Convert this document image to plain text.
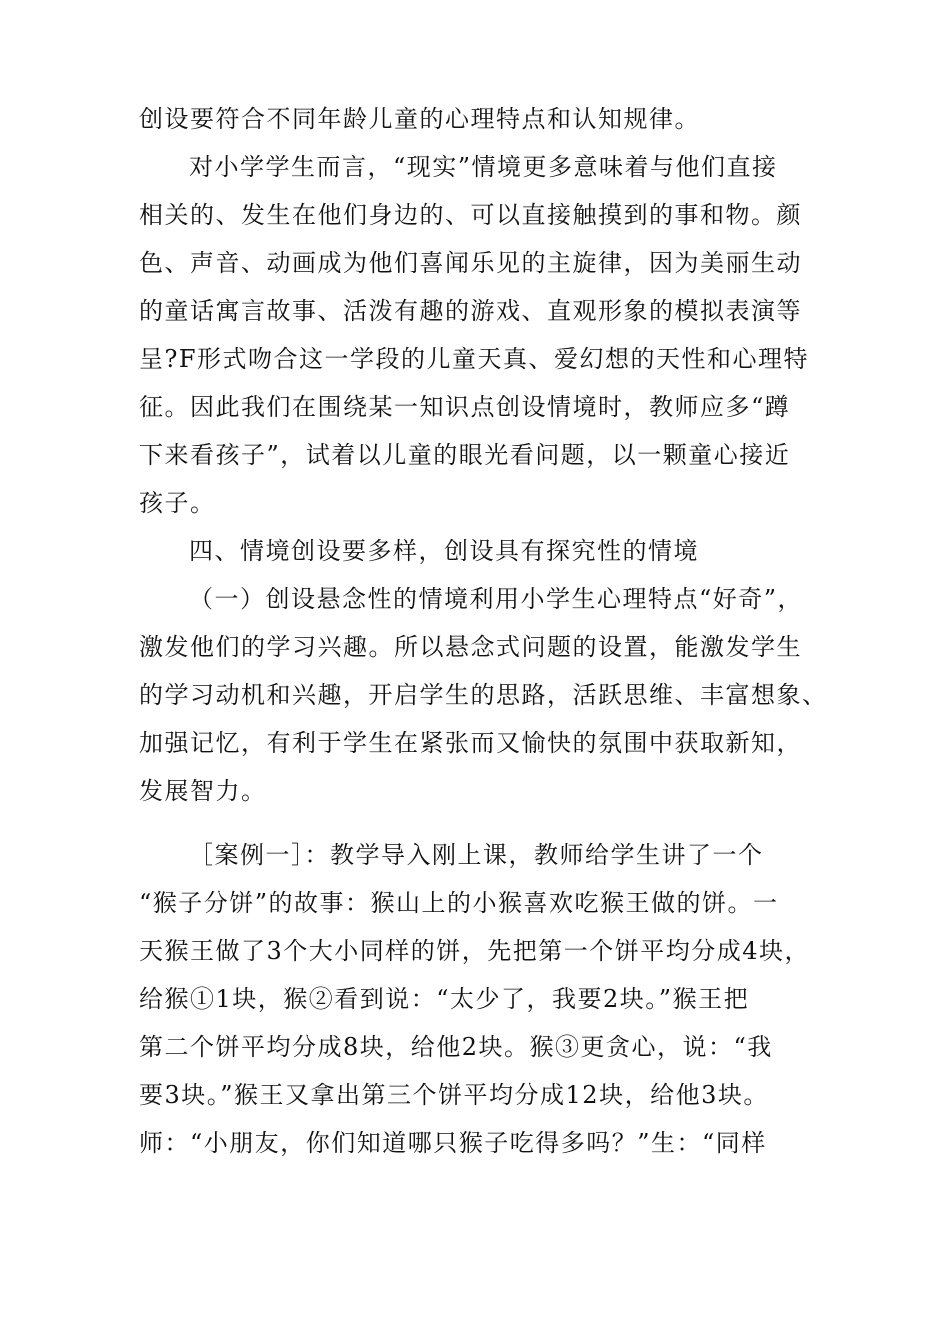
创设要符合不同年龄儿童的心理特点和认知规律。
对小学学生而言，“现实”情境更多意味着与他们直接
相关的、发生在他们身边的、可以直接触摸到的事和物。颜
色、声音、动画成为他们喜闻乐见的主旋律，因为美丽生动
的童话寓言故事、活泼有趣的游戏、直观形象的模拟表演等
呈?F形式吻合这一学段的儿童天真、爱幻想的天性和心理特
征。因此我们在围绕某一知识点创设情境时，教师应多“蹲
下来看孩子”，试着以儿童的眼光看问题，以一颗童心接近
孩子。
四、情境创设要多样，创设具有探究性的情境
（一）创设悬念性的情境利用小学生心理特点“好奇”，
激发他们的学习兴趣。所以悬念式问题的设置，能激发学生
的学习动机和兴趣，开启学生的思路，活跃思维、丰富想象、
加强记忆，有利于学生在紧张而又愉快的氛围中获取新知，
发展智力。
［案例一］：教学导入刚上课，教师给学生讲了一个
“猴子分饼”的故事：猴山上的小猴喜欢吃猴王做的饼。一
天猴王做了3个大小同样的饼，先把第一个饼平均分成4块，
给猴①1块，猴②看到说：“太少了，我要2块。”猴王把
第二个饼平均分成8块，给他2块。猴③更贪心，说：“我
要3块。”猴王又拿出第三个饼平均分成12块，给他3块。
师：“小朋友，你们知道哪只猴子吃得多吗？”生：“同样
